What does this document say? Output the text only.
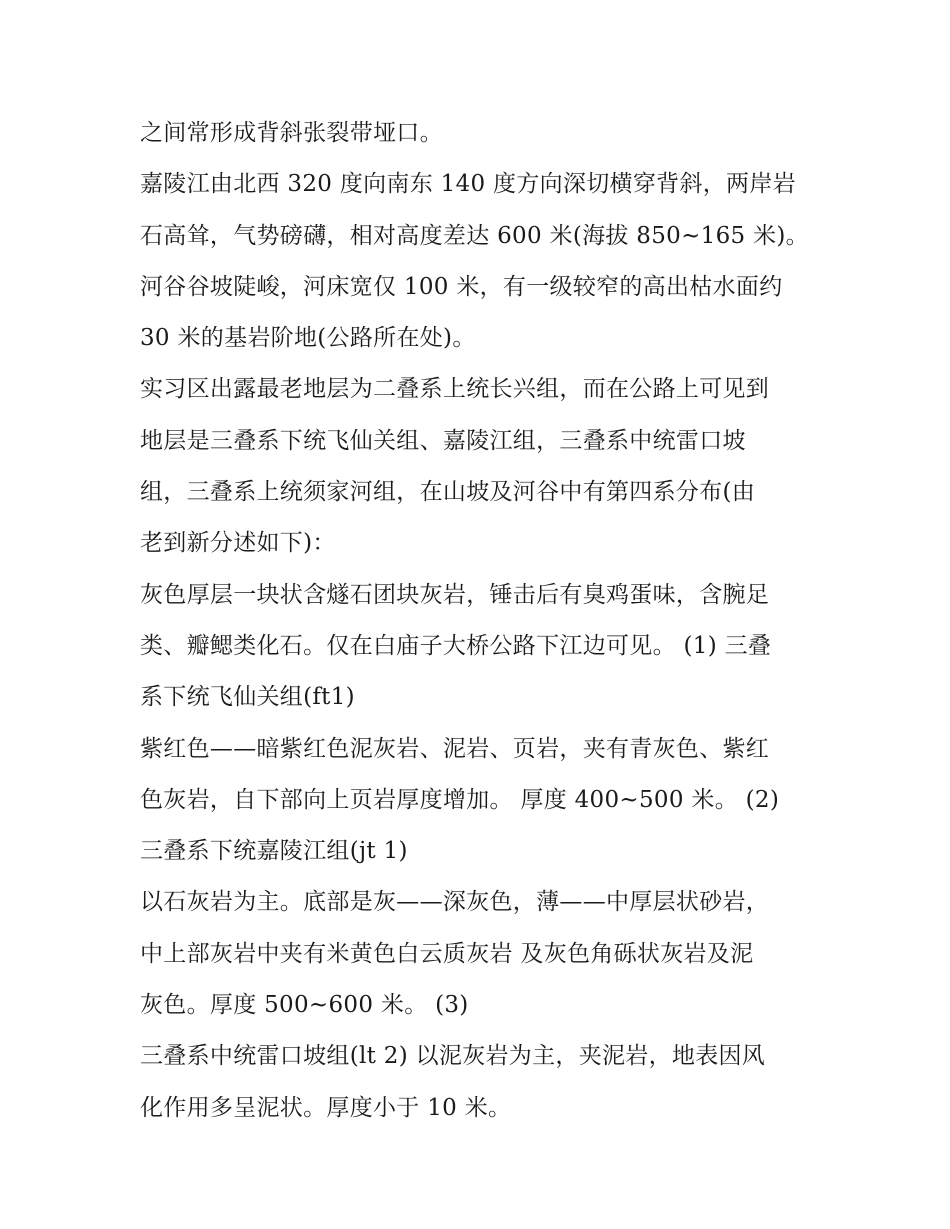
之间常形成背斜张裂带垭口。
嘉陵江由北西 320 度向南东 140 度方向深切横穿背斜，两岸岩
石高耸，气势磅礴，相对高度差达 600 米(海拔 850~165 米)。
河谷谷坡陡峻，河床宽仅 100 米，有一级较窄的高出枯水面约
30 米的基岩阶地(公路所在处)。
实习区出露最老地层为二叠系上统长兴组，而在公路上可见到
地层是三叠系下统飞仙关组、嘉陵江组，三叠系中统雷口坡
组，三叠系上统须家河组，在山坡及河谷中有第四系分布(由
老到新分述如下)：
灰色厚层一块状含燧石团块灰岩，锤击后有臭鸡蛋味，含腕足
类、瓣鳃类化石。仅在白庙子大桥公路下江边可见。 (1) 三叠
系下统飞仙关组(ft1)
紫红色——暗紫红色泥灰岩、泥岩、页岩，夹有青灰色、紫红
色灰岩，自下部向上页岩厚度增加。 厚度 400~500 米。 (2)
三叠系下统嘉陵江组(jt 1)
以石灰岩为主。底部是灰——深灰色，薄——中厚层状砂岩，
中上部灰岩中夹有米黄色白云质灰岩 及灰色角砾状灰岩及泥
灰色。厚度 500~600 米。 (3)
三叠系中统雷口坡组(lt 2) 以泥灰岩为主，夹泥岩，地表因风
化作用多呈泥状。厚度小于 10 米。
